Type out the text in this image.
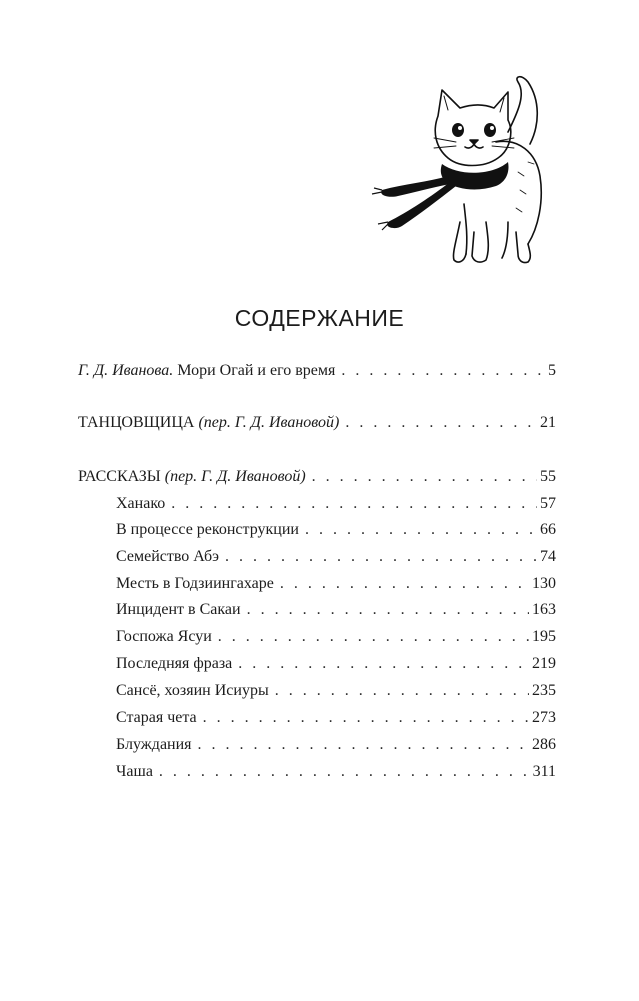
СОДЕРЖАНИЕ
Г. Д. Иванова. Мори Огай и его время . . .	5
ТАНЦОВЩИЦА (пер. Г. Д. Ивановой) . . .	21
РАССКАЗЫ (пер. Г. Д. Ивановой) . . .	55
Ханако . . .	57
В процессе реконструкции . . .	66
Семейство Абэ . . .	74
Месть в Годзиингахаре . . .	130
Инцидент в Сакаи . . .	163
Госпожа Ясуи . . .	195
Последняя фраза . . .	219
Сансё, хозяин Исиуры . . .	235
Старая чета . . .	273
Блуждания . . .	286
Чаша . . .	311
